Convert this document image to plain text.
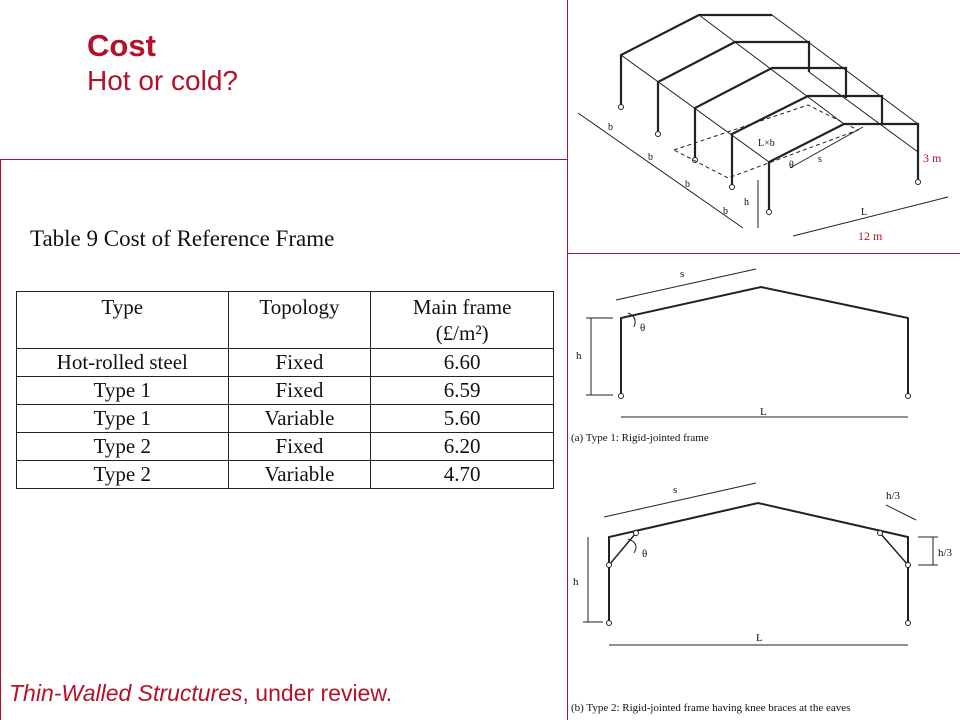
Cost
Hot or cold?
Table 9 Cost of Reference Frame
Type	Topology	Main frame
(£/m²)
Hot-rolled steel	Fixed	6.60
Type 1	Fixed	6.59
Type 1	Variable	5.60
Type 2	Fixed	6.20
Type 2	Variable	4.70
Thin-Walled Structures, under review.
b
b
b
b
h
s
θ
L
L×b
3 m
12 m
s
h
θ
L
(a) Type 1: Rigid-jointed frame
s
h
θ
L
h/3
h/3
(b) Type 2: Rigid-jointed frame having knee braces at the eaves
